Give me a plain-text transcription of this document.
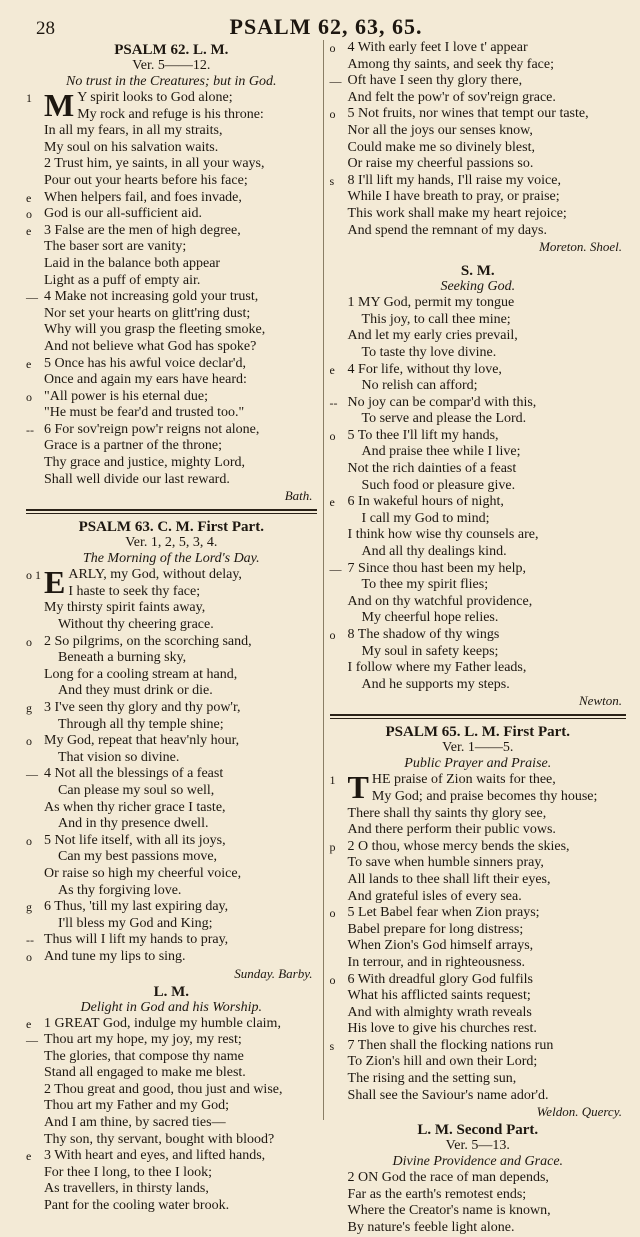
28	PSALM 62, 63, 65.
PSALM 62. L. M.
Ver. 5——12.
No trust in the Creatures; but in God.
1 M Y spirit looks to God alone;
My rock and refuge is his throne:
In all my fears, in all my straits,
My soul on his salvation waits.
2 Trust him, ye saints, in all your ways,
Pour out your hearts before his face;
e When helpers fail, and foes invade,
o God is our all-sufficient aid.
e 3 False are the men of high degree,
The baser sort are vanity;
Laid in the balance both appear
Light as a puff of empty air.
— 4 Make not increasing gold your trust,
Nor set your hearts on glitt'ring dust;
Why will you grasp the fleeting smoke,
And not believe what God has spoke?
e 5 Once has his awful voice declar'd,
Once and again my ears have heard:
o "All power is his eternal due;
"He must be fear'd and trusted too."
-- 6 For sov'reign pow'r reigns not alone,
Grace is a partner of the throne;
Thy grace and justice, mighty Lord,
Shall well divide our last reward.
Bath.
PSALM 63. C. M. First Part.
Ver. 1, 2, 5, 3, 4.
The Morning of the Lord's Day.
o 1 E ARLY, my God, without delay,
I haste to seek thy face;
My thirsty spirit faints away,
Without thy cheering grace.
o 2 So pilgrims, on the scorching sand,
Beneath a burning sky,
Long for a cooling stream at hand,
And they must drink or die.
g 3 I've seen thy glory and thy pow'r,
Through all thy temple shine;
o My God, repeat that heav'nly hour,
That vision so divine.
— 4 Not all the blessings of a feast
Can please my soul so well,
As when thy richer grace I taste,
And in thy presence dwell.
o 5 Not life itself, with all its joys,
Can my best passions move,
Or raise so high my cheerful voice,
As thy forgiving love.
g 6 Thus, 'till my last expiring day,
I'll bless my God and King;
-- Thus will I lift my hands to pray,
o And tune my lips to sing.
Sunday. Barby.
L. M.
Delight in God and his Worship.
e 1 GREAT God, indulge my humble claim,
— Thou art my hope, my joy, my rest;
The glories, that compose thy name
Stand all engaged to make me blest.
2 Thou great and good, thou just and wise,
Thou art my Father and my God;
And I am thine, by sacred ties—
Thy son, thy servant, bought with blood?
e 3 With heart and eyes, and lifted hands,
For thee I long, to thee I look;
As travellers, in thirsty lands,
Pant for the cooling water brook.
o 4 With early feet I love t' appear
Among thy saints, and seek thy face;
— Oft have I seen thy glory there,
And felt the pow'r of sov'reign grace.
o 5 Not fruits, nor wines that tempt our taste,
Nor all the joys our senses know,
Could make me so divinely blest,
Or raise my cheerful passions so.
s 8 I'll lift my hands, I'll raise my voice,
While I have breath to pray, or praise;
This work shall make my heart rejoice;
And spend the remnant of my days.
Moreton. Shoel.
S. M.
Seeking God.
1 MY God, permit my tongue
This joy, to call thee mine;
And let my early cries prevail,
To taste thy love divine.
e 4 For life, without thy love,
No relish can afford;
-- No joy can be compar'd with this,
To serve and please the Lord.
o 5 To thee I'll lift my hands,
And praise thee while I live;
Not the rich dainties of a feast
Such food or pleasure give.
e 6 In wakeful hours of night,
I call my God to mind;
I think how wise thy counsels are,
And all thy dealings kind.
— 7 Since thou hast been my help,
To thee my spirit flies;
And on thy watchful providence,
My cheerful hope relies.
o 8 The shadow of thy wings
My soul in safety keeps;
I follow where my Father leads,
And he supports my steps.
Newton.
PSALM 65. L. M. First Part.
Ver. 1——5.
Public Prayer and Praise.
1 T HE praise of Zion waits for thee,
My God; and praise becomes thy house;
There shall thy saints thy glory see,
And there perform their public vows.
p 2 O thou, whose mercy bends the skies,
To save when humble sinners pray,
All lands to thee shall lift their eyes,
And grateful isles of every sea.
o 5 Let Babel fear when Zion prays;
Babel prepare for long distress;
When Zion's God himself arrays,
In terrour, and in righteousness.
o 6 With dreadful glory God fulfils
What his afflicted saints request;
And with almighty wrath reveals
His love to give his churches rest.
s 7 Then shall the flocking nations run
To Zion's hill and own their Lord;
The rising and the setting sun,
Shall see the Saviour's name ador'd.
Weldon. Quercy.
L. M. Second Part.
Ver. 5—13.
Divine Providence and Grace.
2 ON God the race of man depends,
Far as the earth's remotest ends;
Where the Creator's name is known,
By nature's feeble light alone.
